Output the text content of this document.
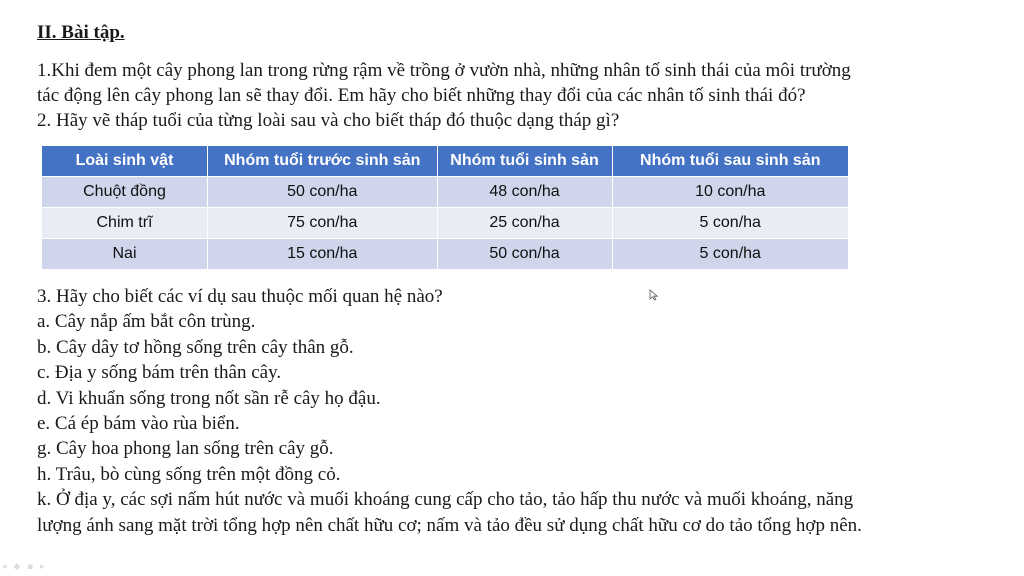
II. Bài tập.

1.Khi đem một cây phong lan trong rừng rậm về trồng ở vườn nhà, những nhân tố sinh thái của môi trường
tác động lên cây phong lan sẽ thay đổi. Em hãy cho biết những thay đổi của các nhân tố sinh thái đó?

2. Hãy vẽ tháp tuổi của từng loài sau và cho biết tháp đó thuộc dạng tháp gì?

Loài sinh vật	Nhóm tuổi trước sinh sản	Nhóm tuổi sinh sản	Nhóm tuổi sau sinh sản
Chuột đồng	50 con/ha	48 con/ha	10 con/ha
Chim trĩ	75 con/ha	25 con/ha	5 con/ha
Nai	15 con/ha	50 con/ha	5 con/ha
3. Hãy cho biết các ví dụ sau thuộc mối quan hệ nào?
a. Cây nắp ấm bắt côn trùng.
b. Cây dây tơ hồng sống trên cây thân gỗ.
c. Địa y sống bám trên thân cây.
d. Vi khuẩn sống trong nốt sần rễ cây họ đậu.
e. Cá ép bám vào rùa biển.
g. Cây hoa phong lan sống trên cây gỗ.
h. Trâu, bò cùng sống trên một đồng cỏ.
k. Ở địa y, các sợi nấm hút nước và muối khoáng cung cấp cho tảo, tảo hấp thu nước và muối khoáng, năng
lượng ánh sang mặt trời tổng hợp nên chất hữu cơ; nấm và tảo đều sử dụng chất hữu cơ do tảo tổng hợp nên.
◂ ◆ ▪ ▸
